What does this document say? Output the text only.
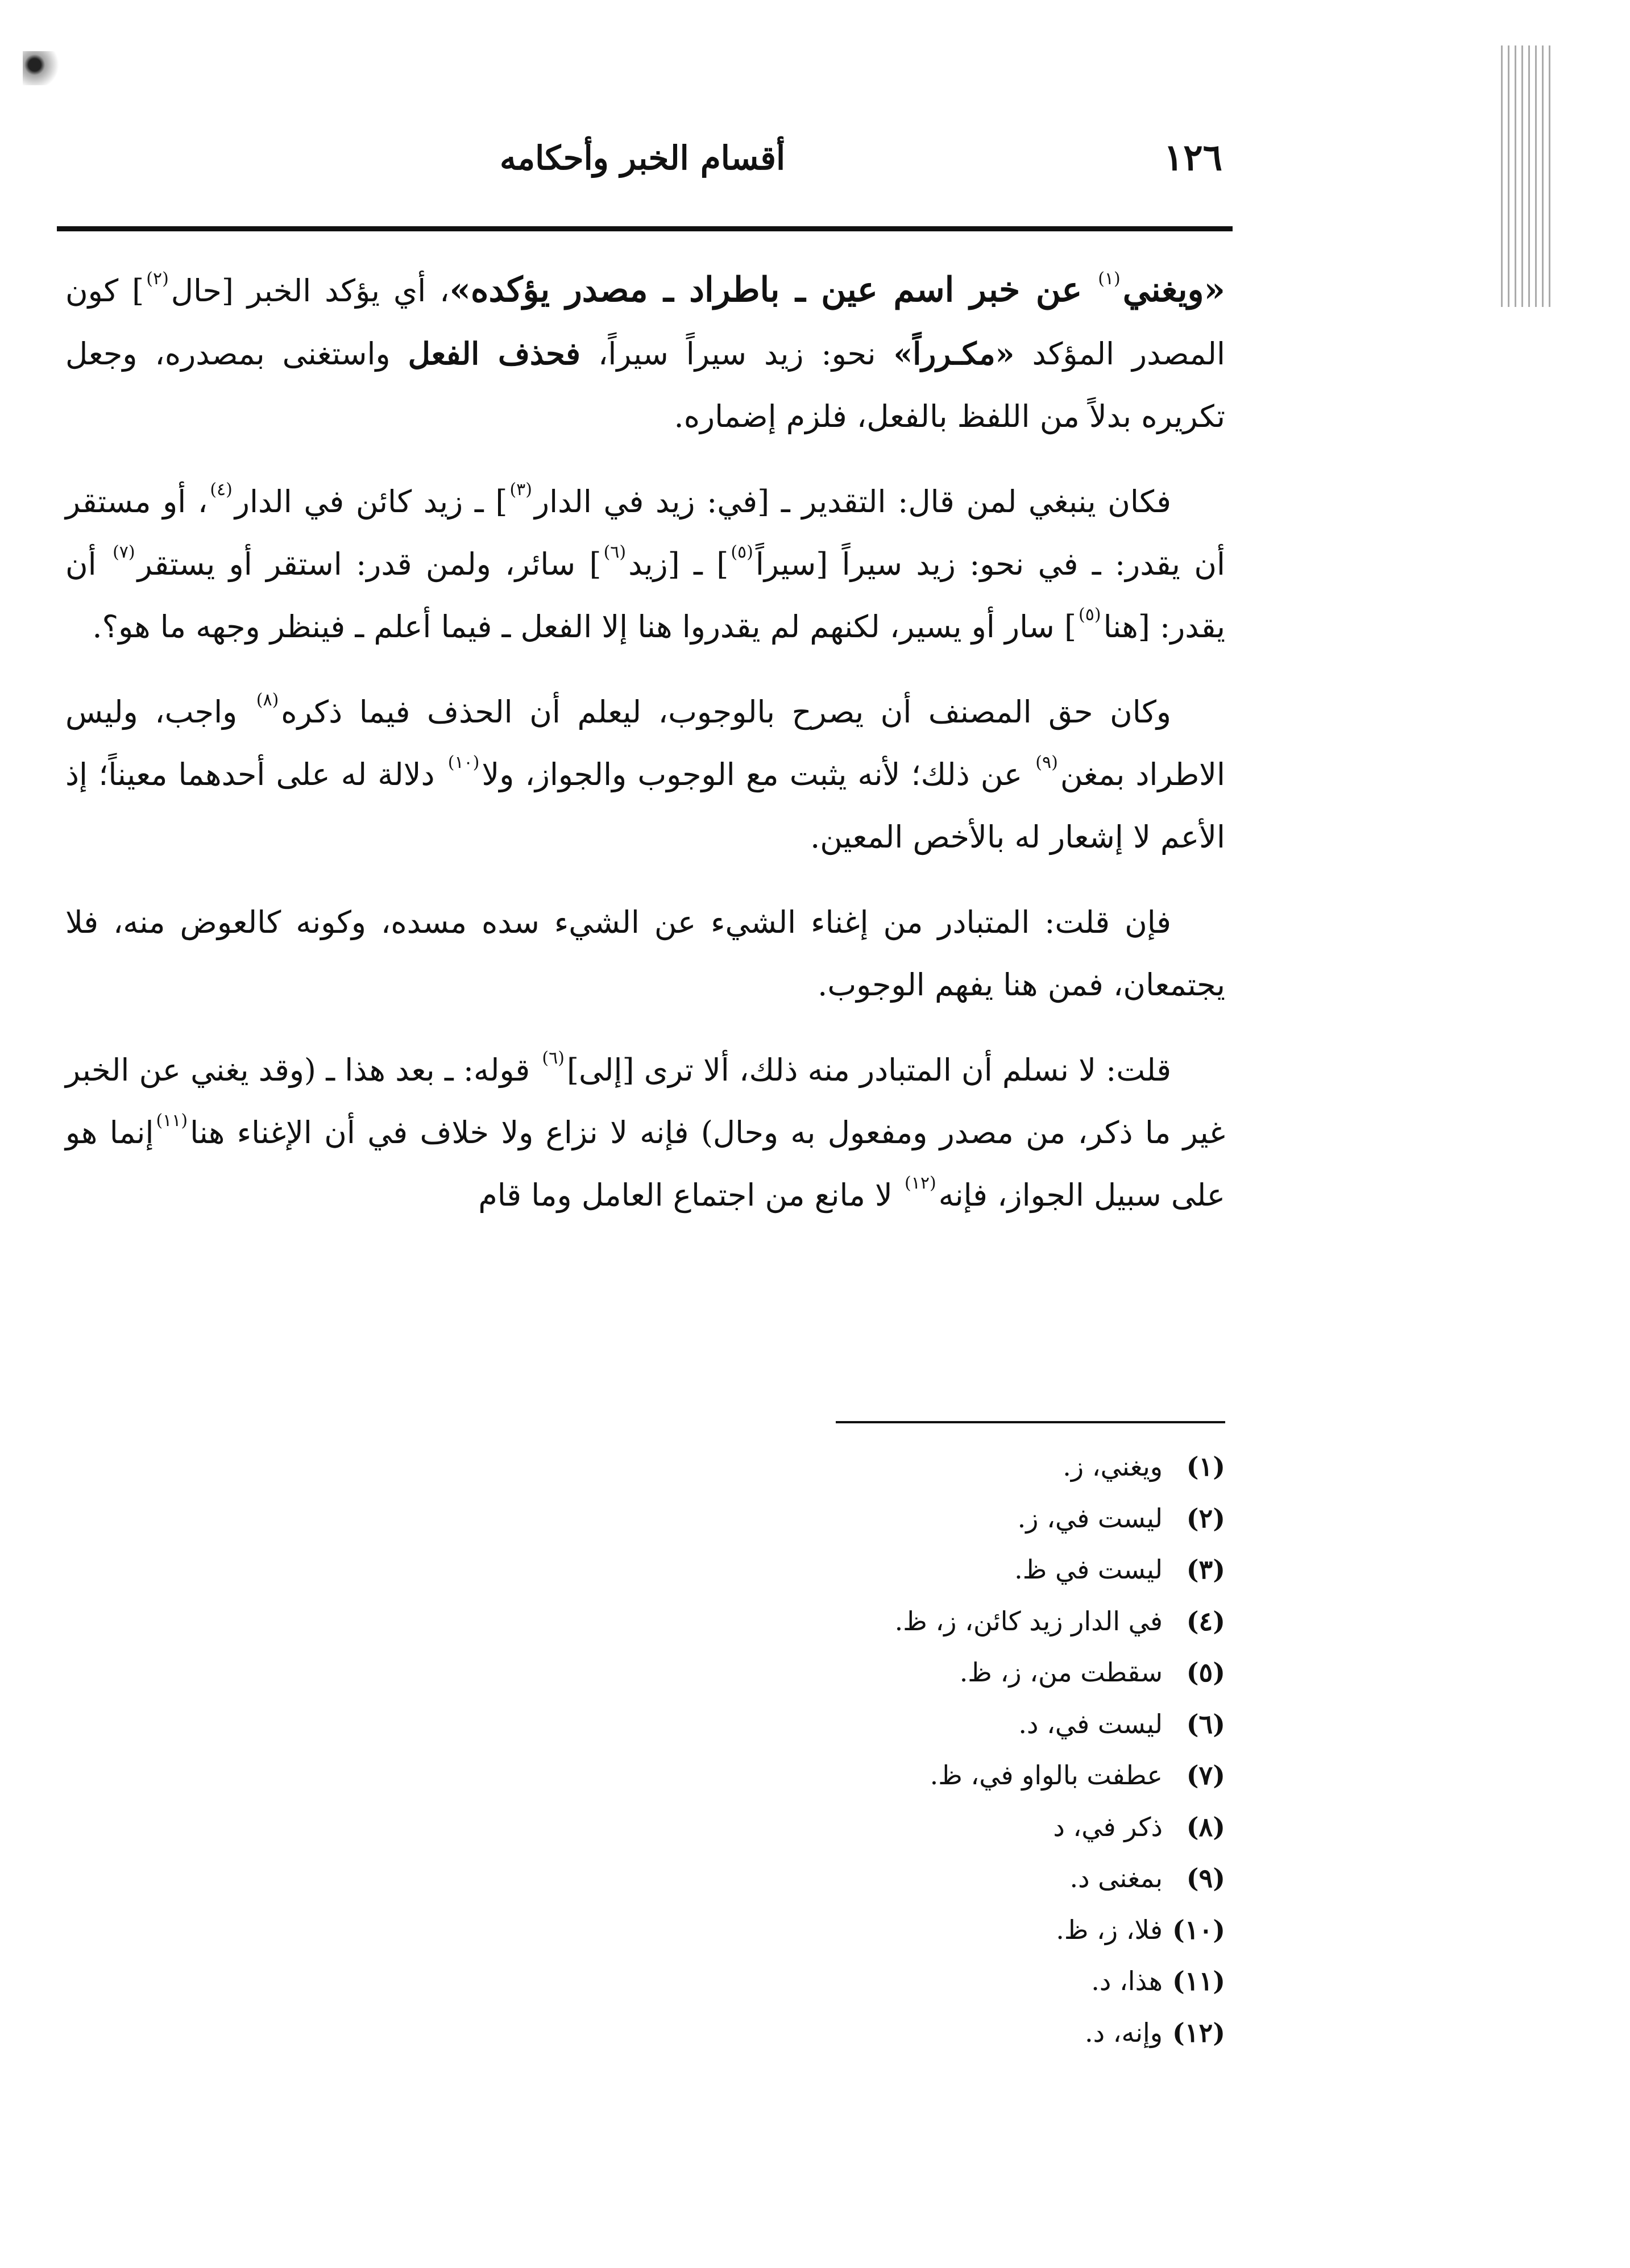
١٢٦
أقسام الخبر وأحكامه

«ويغني$^{(١)}$ عن خبر اسم عين ـ باطراد ـ مصدر يؤكده»، أي يؤكد الخبر [حال$^{(٢)}$] كون المصدر المؤكد «مكـرراً» نحو: زيد سيراً سيراً، فحذف الفعل واستغنى بمصدره، وجعل تكريره بدلاً من اللفظ بالفعل، فلزم إضماره.

فكان ينبغي لمن قال: التقدير ـ [في: زيد في الدار$^{(٣)}$] ـ زيد كائن في الدار$^{(٤)}$، أو مستقر أن يقدر: ـ في نحو: زيد سيراً [سيراً$^{(٥)}$] ـ [زيد$^{(٦)}$] سائر، ولمن قدر: استقر أو يستقر$^{(٧)}$ أن يقدر: [هنا$^{(٥)}$] سار أو يسير، لكنهم لم يقدروا هنا إلا الفعل ـ فيما أعلم ـ فينظر وجهه ما هو؟.

وكان حق المصنف أن يصرح بالوجوب، ليعلم أن الحذف فيما ذكره$^{(٨)}$ واجب، وليس الاطراد بمغن$^{(٩)}$ عن ذلك؛ لأنه يثبت مع الوجوب والجواز، ولا$^{(١٠)}$ دلالة له على أحدهما معيناً؛ إذ الأعم لا إشعار له بالأخص المعين.

فإن قلت: المتبادر من إغناء الشيء عن الشيء سده مسده، وكونه كالعوض منه، فلا يجتمعان، فمن هنا يفهم الوجوب.

قلت: لا نسلم أن المتبادر منه ذلك، ألا ترى [إلى]$^{(٦)}$ قوله: ـ بعد هذا ـ (وقد يغني عن الخبر غير ما ذكر، من مصدر ومفعول به وحال) فإنه لا نزاع ولا خلاف في أن الإغناء هنا$^{(١١)}$إنما هو على سبيل الجواز، فإنه$^{(١٢)}$ لا مانع من اجتماع العامل وما قام

(١)
ويغني، ز.
(٢)
ليست في، ز.
(٣)
ليست في ظ.
(٤)
في الدار زيد كائن، ز، ظ.
(٥)
سقطت من، ز، ظ.
(٦)
ليست في، د.
(٧)
عطفت بالواو في، ظ.
(٨)
ذكر في، د
(٩)
بمغنى د.
(١٠)
فلا، ز، ظ.
(١١)
هذا، د.
(١٢)
وإنه، د.
